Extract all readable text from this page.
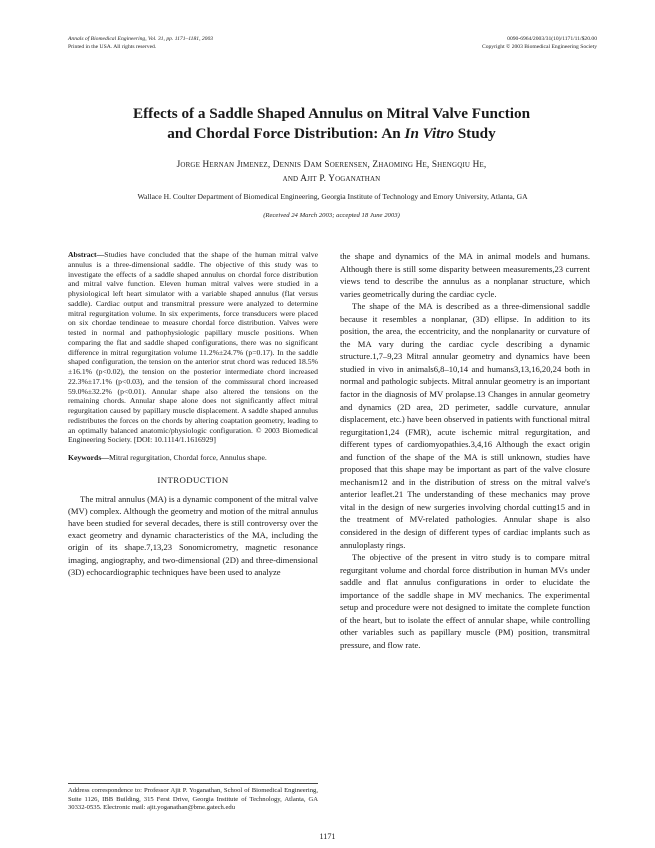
Annals of Biomedical Engineering, Vol. 31, pp. 1171–1181, 2003
Printed in the USA. All rights reserved.
0090-6964/2003/31(10)/1171/11/$20.00
Copyright © 2003 Biomedical Engineering Society
Effects of a Saddle Shaped Annulus on Mitral Valve Function
and Chordal Force Distribution: An In Vitro Study
Jorge Hernan Jimenez, Dennis Dam Soerensen, Zhaoming He, Shengqiu He,
and Ajit P. Yoganathan
Wallace H. Coulter Department of Biomedical Engineering, Georgia Institute of Technology and Emory University, Atlanta, GA
(Received 24 March 2003; accepted 18 June 2003)

Abstract—Studies have concluded that the shape of the human mitral valve annulus is a three-dimensional saddle. The objective of this study was to investigate the effects of a saddle shaped annulus on chordal force distribution and mitral valve function. Eleven human mitral valves were studied in a physiological left heart simulator with a variable shaped annulus (flat versus saddle). Cardiac output and transmitral pressure were analyzed to determine mitral regurgitation volume. In six experiments, force transducers were placed on six chordae tendineae to measure chordal force distribution. Valves were tested in normal and pathophysiologic papillary muscle positions. When comparing the flat and saddle shaped configurations, there was no significant difference in mitral regurgitation volume 11.2%±24.7% (p=0.17). In the saddle shaped configuration, the tension on the anterior strut chord was reduced 18.5%±16.1% (p<0.02), the tension on the posterior intermediate chord increased 22.3%±17.1% (p<0.03), and the tension of the commissural chord increased 59.0%±32.2% (p<0.01). Annular shape also altered the tensions on the remaining chords. Annular shape alone does not significantly affect mitral regurgitation caused by papillary muscle displacement. A saddle shaped annulus redistributes the forces on the chords by altering coaptation geometry, leading to an optimally balanced anatomic/physiologic configuration. © 2003 Biomedical Engineering Society. [DOI: 10.1114/1.1616929]

Keywords—Mitral regurgitation, Chordal force, Annulus shape.

INTRODUCTION

The mitral annulus (MA) is a dynamic component of the mitral valve (MV) complex. Although the geometry and motion of the mitral annulus have been studied for several decades, there is still controversy over the exact geometry and dynamic characteristics of the MA, including the origin of its shape.7,13,23 Sonomicrometry, magnetic resonance imaging, angiography, and two-dimensional (2D) and three-dimensional (3D) echocardiographic techniques have been used to analyze

the shape and dynamics of the MA in animal models and humans. Although there is still some disparity between measurements,23 current views tend to describe the annulus as a nonplanar structure, which varies geometrically during the cardiac cycle.

The shape of the MA is described as a three-dimensional saddle because it resembles a nonplanar, (3D) ellipse. In addition to its position, the area, the eccentricity, and the nonplanarity or curvature of the MA vary during the cardiac cycle describing a dynamic structure.1,7–9,23 Mitral annular geometry and dynamics have been studied in vivo in animals6,8–10,14 and humans3,13,16,20,24 both in normal and pathologic subjects. Mitral annular geometry is an important factor in the diagnosis of MV prolapse.13 Changes in annular geometry and dynamics (2D area, 2D perimeter, saddle curvature, annular displacement, etc.) have been observed in patients with functional mitral regurgitation1,24 (FMR), acute ischemic mitral regurgitation, and different types of cardiomyopathies.3,4,16 Although the exact origin and function of the shape of the MA is still unknown, studies have proposed that this shape may be important as part of the valve closure mechanism12 and in the distribution of stress on the mitral valve's anterior leaflet.21 The understanding of these mechanics may prove vital in the design of new surgeries involving chordal cutting15 and in the treatment of MV-related pathologies. Annular shape is also considered in the design of different types of cardiac implants such as annuloplasty rings.

The objective of the present in vitro study is to compare mitral regurgitant volume and chordal force distribution in human MVs under saddle and flat annulus configurations in order to elucidate the importance of the saddle shape in MV mechanics. The experimental setup and procedure were not designed to imitate the complete function of the heart, but to isolate the effect of annular shape, while controlling other variables such as papillary muscle (PM) position, transmitral pressure, and flow rate.

Address correspondence to: Professor Ajit P. Yoganathan, School of Biomedical Engineering, Suite 1126, IBB Building, 315 Ferst Drive, Georgia Institute of Technology, Atlanta, GA 30332-0535. Electronic mail: ajit.yoganathan@bme.gatech.edu
1171
